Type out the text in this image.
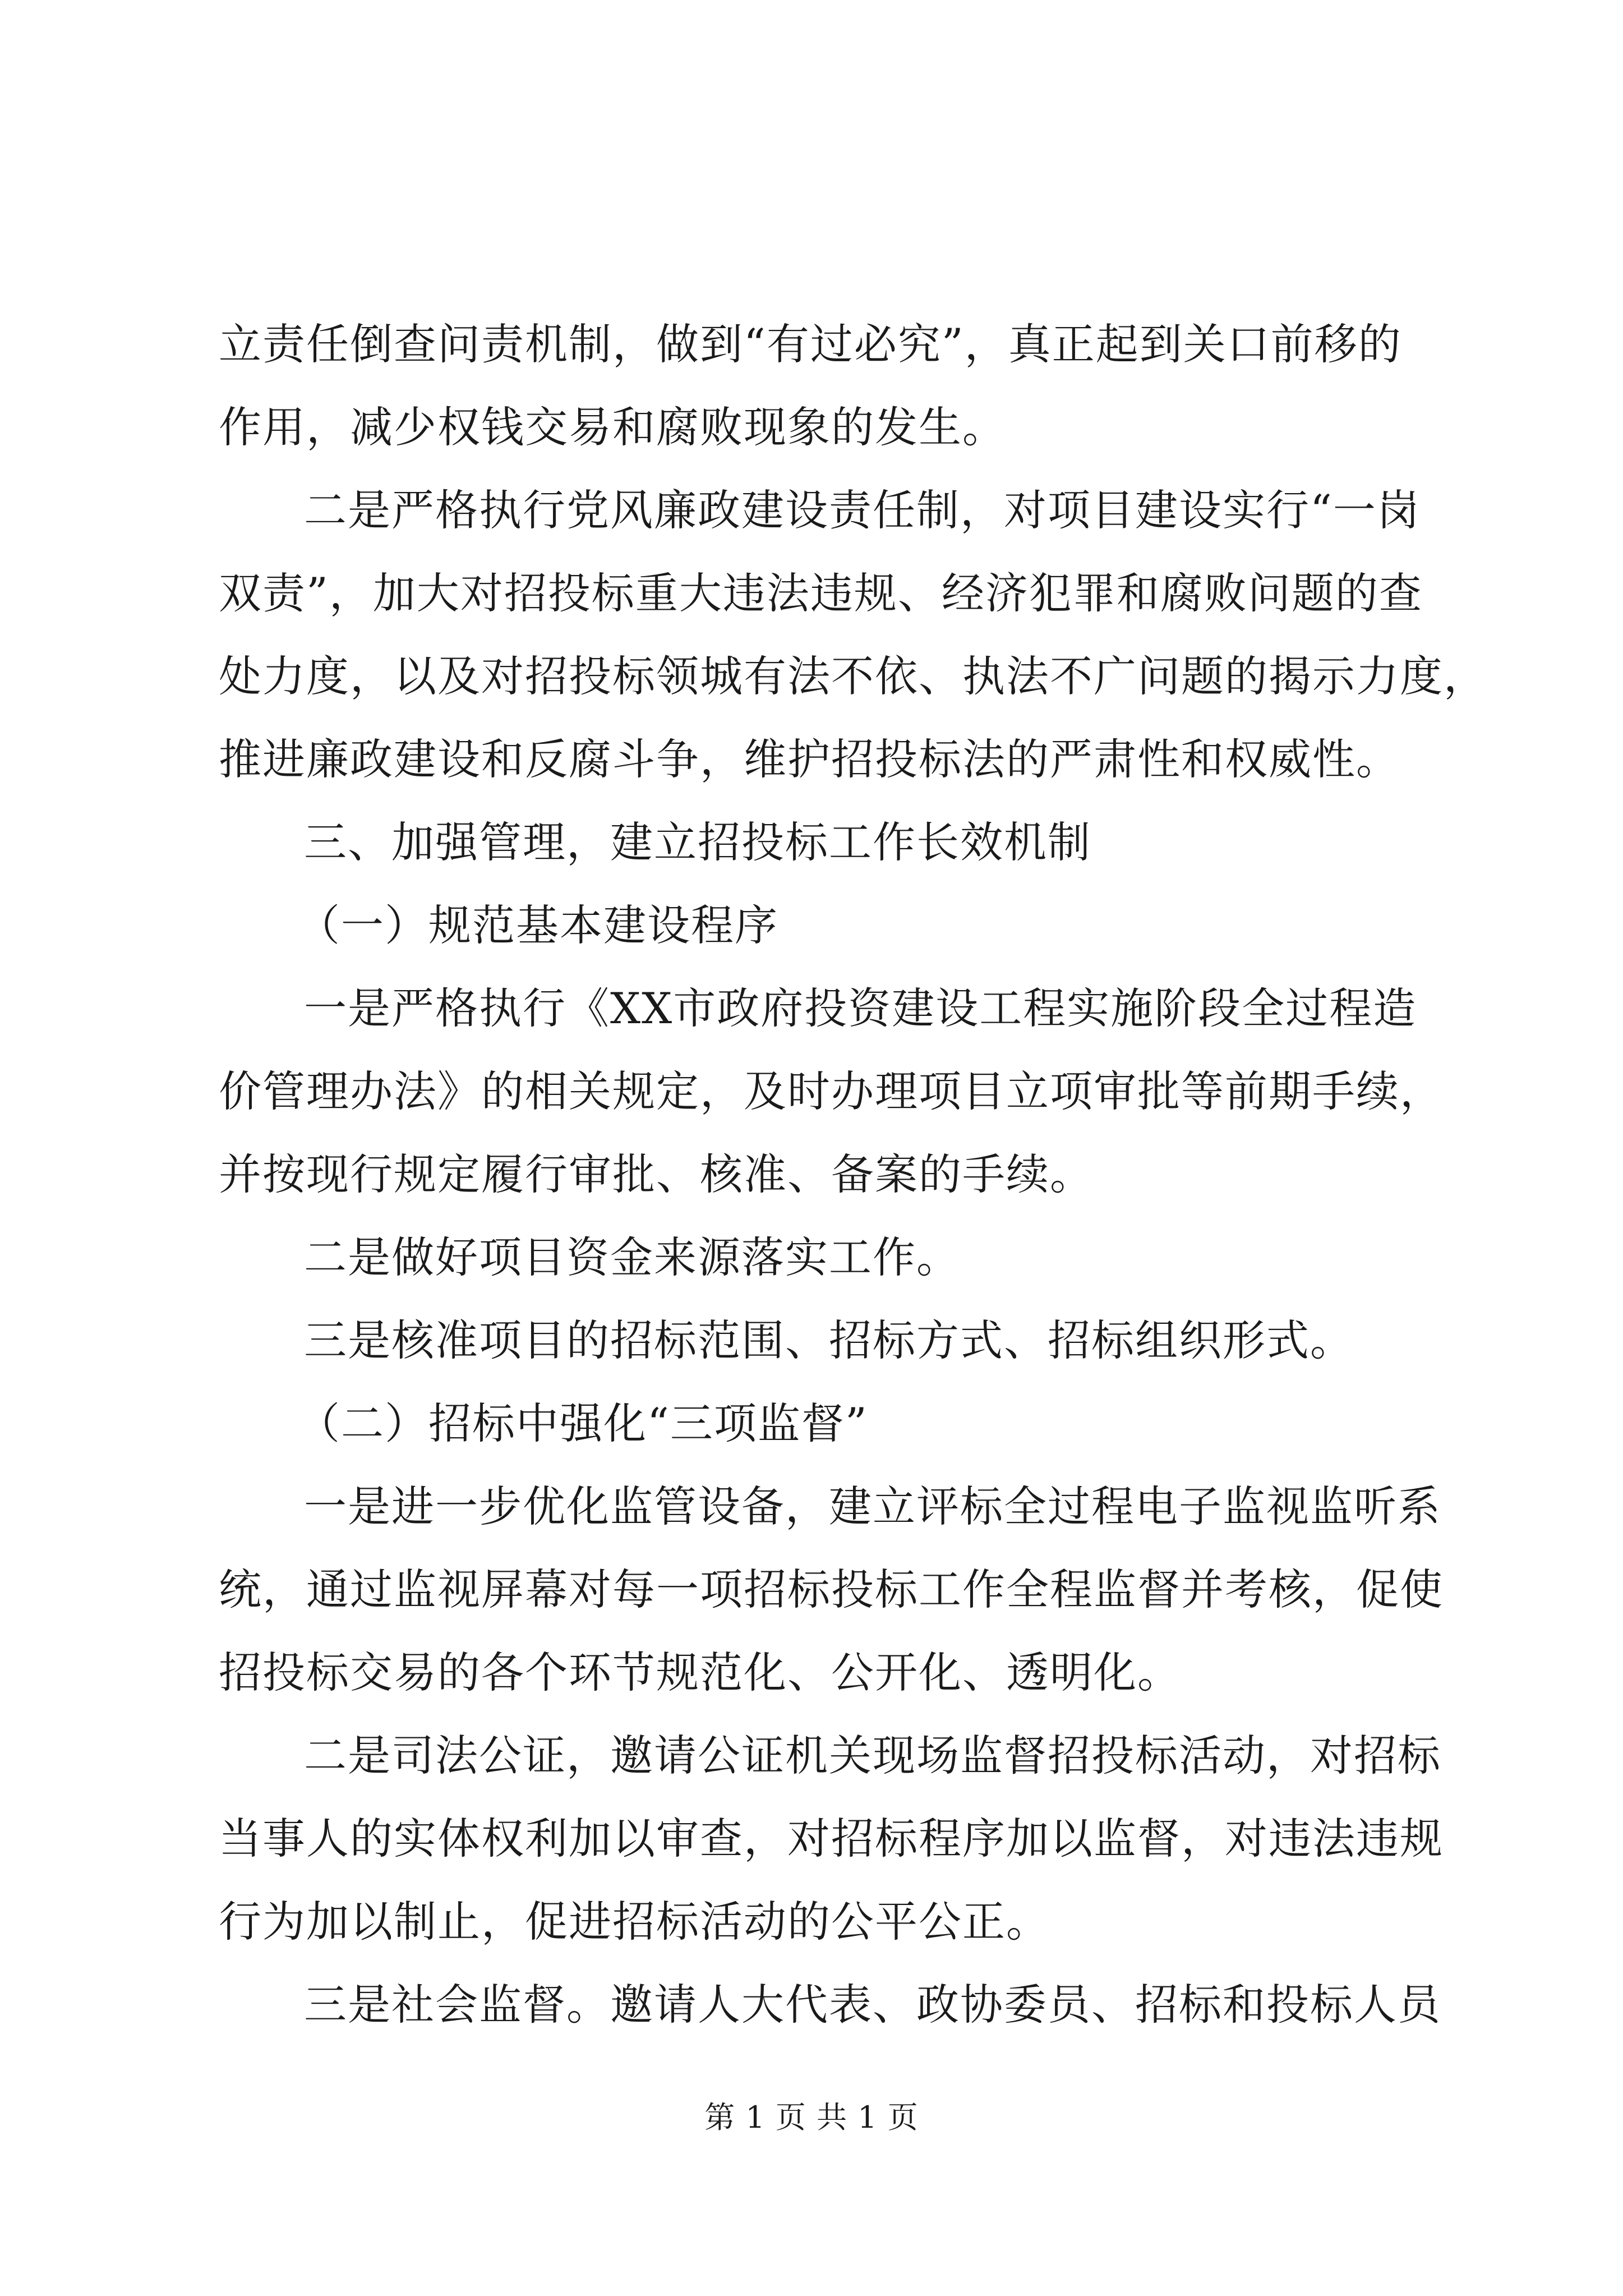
立责任倒查问责机制，做到“有过必究”，真正起到关口前移的
作用，减少权钱交易和腐败现象的发生。
二是严格执行党风廉政建设责任制，对项目建设实行“一岗
双责”，加大对招投标重大违法违规、经济犯罪和腐败问题的查
处力度，以及对招投标领城有法不依、执法不广问题的揭示力度，
推进廉政建设和反腐斗争，维护招投标法的严肃性和权威性。
三、加强管理，建立招投标工作长效机制
（一）规范基本建设程序
一是严格执行《XX市政府投资建设工程实施阶段全过程造
价管理办法》的相关规定，及时办理项目立项审批等前期手续，
并按现行规定履行审批、核准、备案的手续。
二是做好项目资金来源落实工作。
三是核准项目的招标范围、招标方式、招标组织形式。
（二）招标中强化“三项监督”
一是进一步优化监管设备，建立评标全过程电子监视监听系
统，通过监视屏幕对每一项招标投标工作全程监督并考核，促使
招投标交易的各个环节规范化、公开化、透明化。
二是司法公证，邀请公证机关现场监督招投标活动，对招标
当事人的实体权利加以审查，对招标程序加以监督，对违法违规
行为加以制止，促进招标活动的公平公正。
三是社会监督。邀请人大代表、政协委员、招标和投标人员
第 1 页 共 1 页
